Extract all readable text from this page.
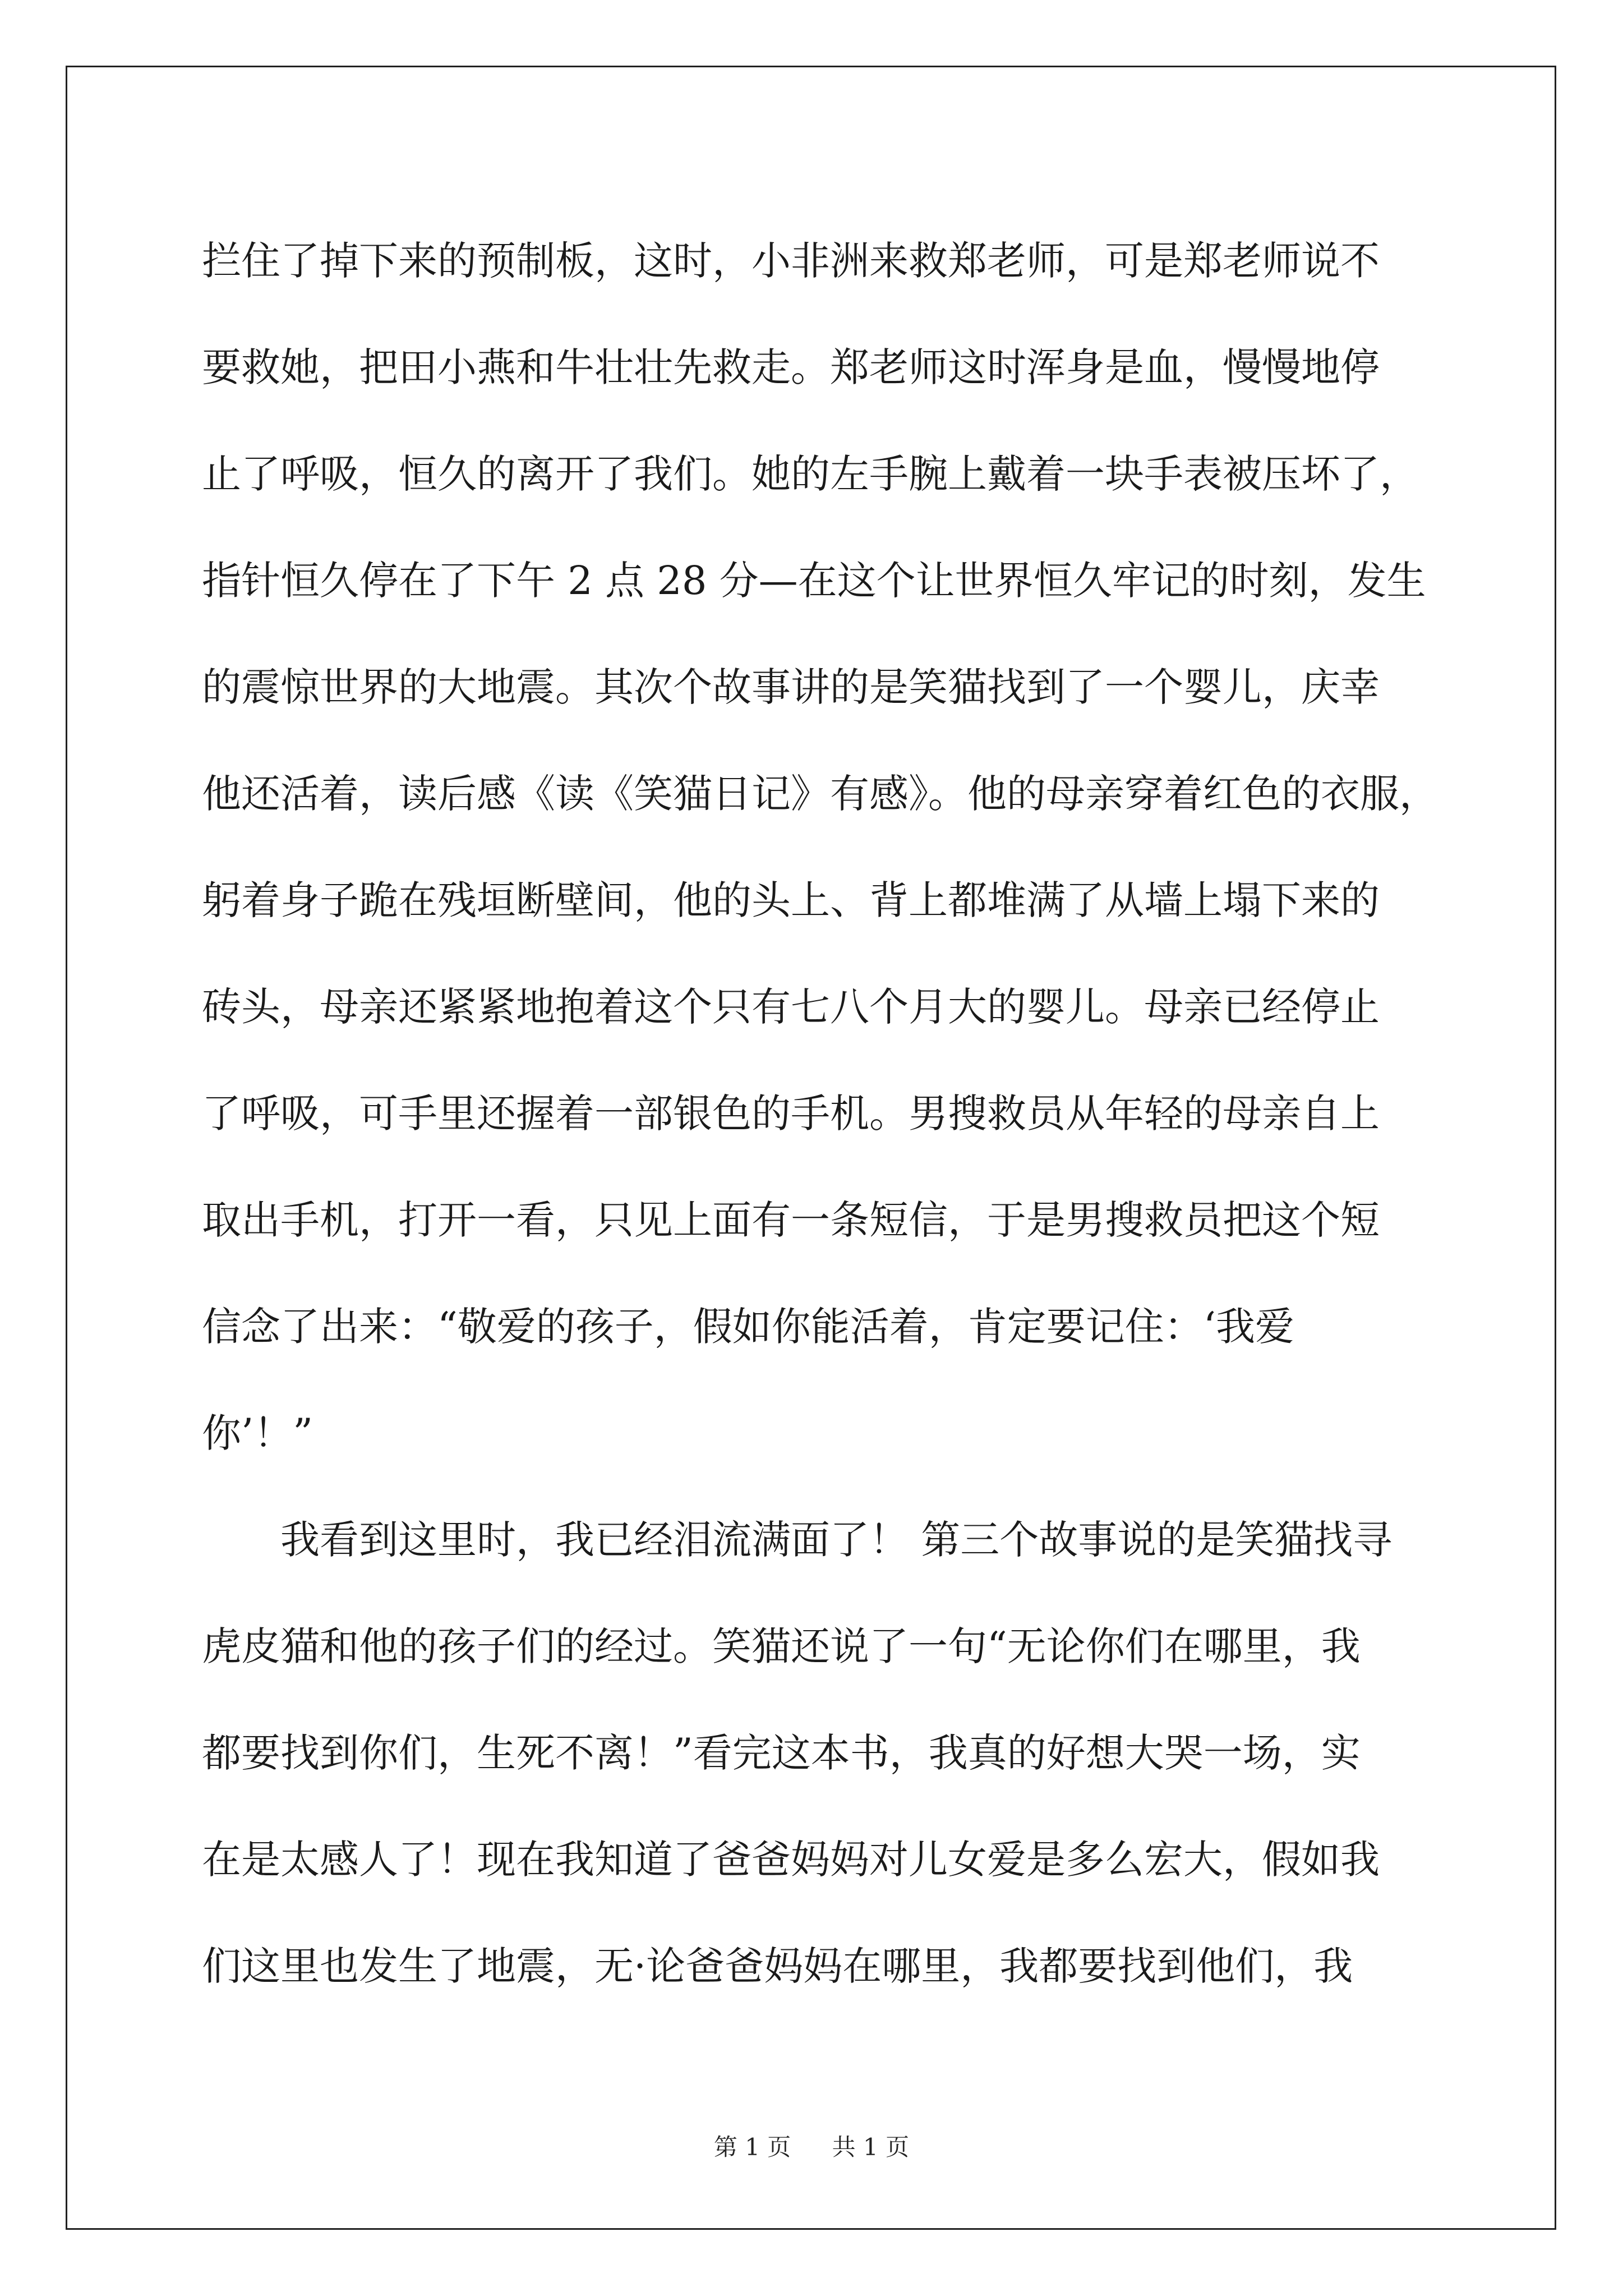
拦住了掉下来的预制板，这时，小非洲来救郑老师，可是郑老师说不
要救她，把田小燕和牛壮壮先救走。郑老师这时浑身是血，慢慢地停
止了呼吸，恒久的离开了我们。她的左手腕上戴着一块手表被压坏了，
指针恒久停在了下午 2 点 28 分—在这个让世界恒久牢记的时刻，发生
的震惊世界的大地震。其次个故事讲的是笑猫找到了一个婴儿，庆幸
他还活着，读后感《读《笑猫日记》有感》。他的母亲穿着红色的衣服，
躬着身子跪在残垣断壁间，他的头上、背上都堆满了从墙上塌下来的
砖头，母亲还紧紧地抱着这个只有七八个月大的婴儿。母亲已经停止
了呼吸，可手里还握着一部银色的手机。男搜救员从年轻的母亲自上
取出手机，打开一看，只见上面有一条短信，于是男搜救员把这个短
信念了出来：“敬爱的孩子，假如你能活着，肯定要记住：‘我爱
你’！”
　　我看到这里时，我已经泪流满面了！ 第三个故事说的是笑猫找寻
虎皮猫和他的孩子们的经过。笑猫还说了一句“无论你们在哪里，我
都要找到你们，生死不离！”看完这本书，我真的好想大哭一场，实
在是太感人了！现在我知道了爸爸妈妈对儿女爱是多么宏大，假如我
们这里也发生了地震，无·论爸爸妈妈在哪里，我都要找到他们，我
第 1 页 共 1 页
